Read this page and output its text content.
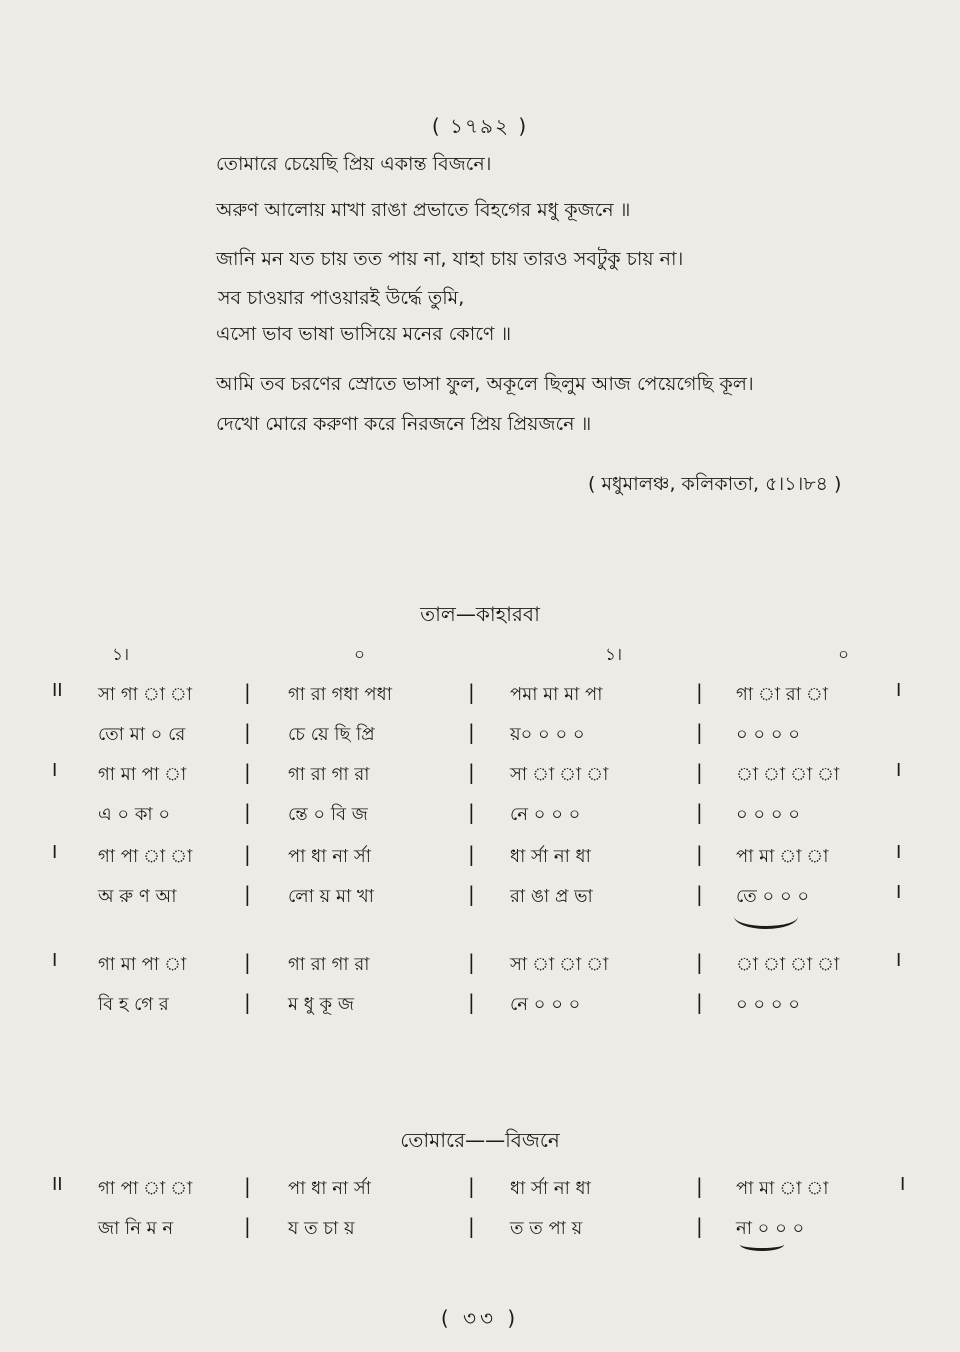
( ১৭৯২ )
তোমারে চেয়েছি প্রিয় একান্ত বিজনে।
অরুণ আলোয় মাখা রাঙা প্রভাতে বিহগের মধু কূজনে ॥
জানি মন যত চায় তত পায় না, যাহা চায় তারও সবটুকু চায় না।
সব চাওয়ার পাওয়ারই উর্দ্ধে তুমি,
এসো ভাব ভাষা ভাসিয়ে মনের কোণে ॥
আমি তব চরণের স্রোতে ভাসা ফুল, অকূলে ছিলুম আজ পেয়েগেছি কূল।
দেখো মোরে করুণা করে নিরজনে প্রিয় প্রিয়জনে ॥
( মধুমালঞ্চ, কলিকাতা, ৫।১।৮৪ )
তাল—কাহারবা
১।	০	১।	০
II সা গা া া	| গা রা গধা পধা	| পমা মা মা পা	| গা া রা া	I
তো মা ০ রে	| চে য়ে ছি প্রি	| য়০ ০ ০ ০	| ০ ০ ০ ০
I গা মা পা া	| গা রা গা রা	| সা া া া	| া া া া	I
এ ০ কা ০	| ন্তে ০ বি জ	| নে ০ ০ ০	| ০ ০ ০ ০
I গা পা া া	| পা ধা না র্সা	| ধা র্সা না ধা	| পা মা া া	I
অ রু ণ আ	| লো য় মা খা	| রা ঙা প্র ভা	| তে ০ ০ ০	I
I গা মা পা া	| গা রা গা রা	| সা া া া	| া া া া	I
বি হ গে র	| ম ধু কূ জ	| নে ০ ০ ০	| ০ ০ ০ ০
তোমারে——বিজনে
II গা পা া া	| পা ধা না র্সা	| ধা র্সা না ধা	| পা মা া া	I
জা নি ম ন	| য ত চা য়	| ত ত পা য়	| না ০ ০ ০
( ৩৩ )
